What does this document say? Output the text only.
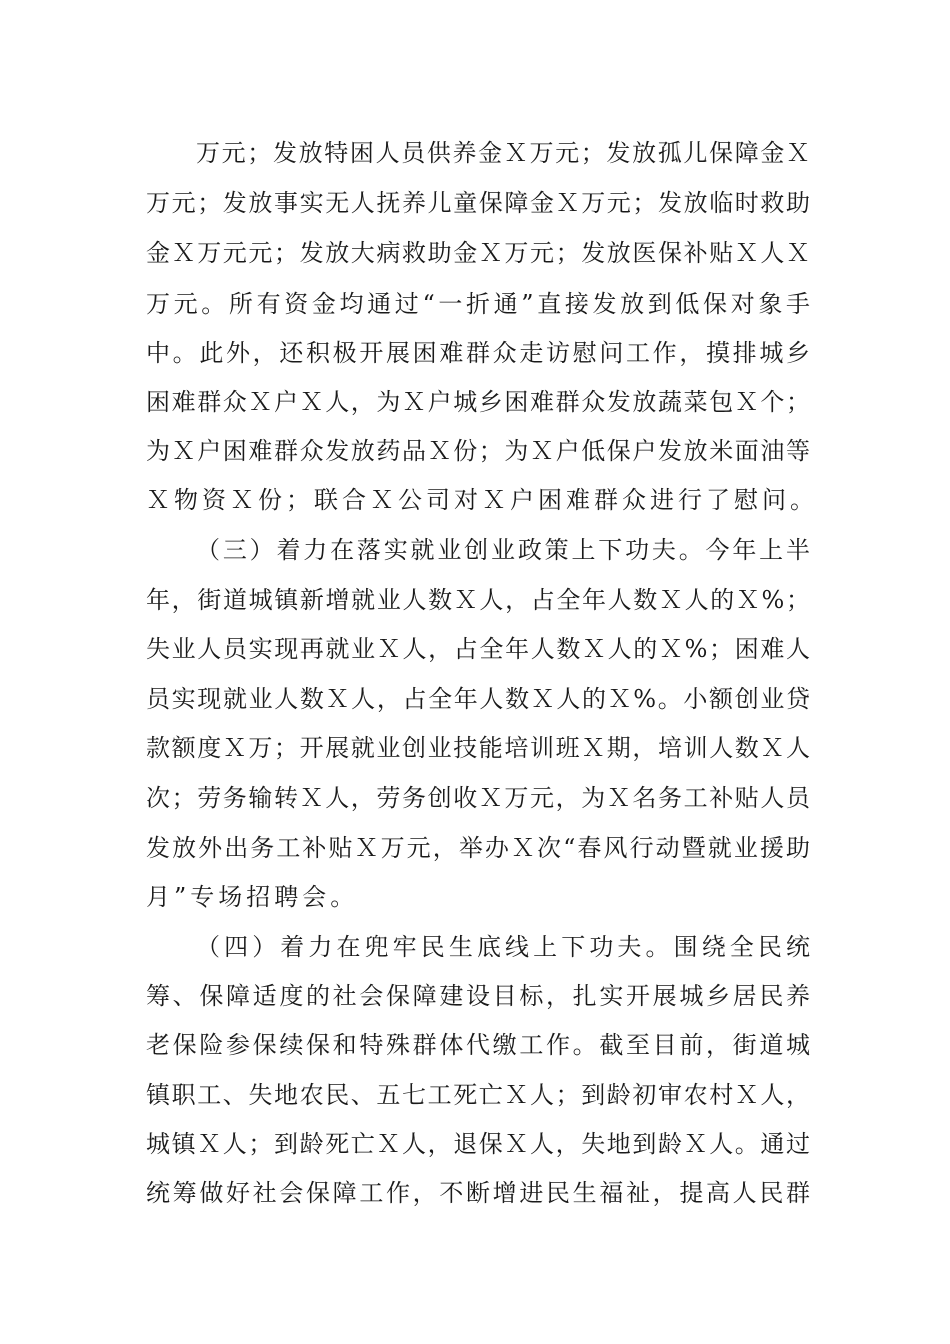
万元；发放特困人员供养金Ｘ万元；发放孤儿保障金Ｘ
万元；发放事实无人抚养儿童保障金Ｘ万元；发放临时救助
金Ｘ万元元；发放大病救助金Ｘ万元；发放医保补贴Ｘ人Ｘ
万元。所有资金均通过“一折通”直接发放到低保对象手
中。此外，还积极开展困难群众走访慰问工作，摸排城乡
困难群众Ｘ户Ｘ人，为Ｘ户城乡困难群众发放蔬菜包Ｘ个；
为Ｘ户困难群众发放药品Ｘ份；为Ｘ户低保户发放米面油等
Ｘ物资Ｘ份；联合Ｘ公司对Ｘ户困难群众进行了慰问。
（三）着力在落实就业创业政策上下功夫。今年上半
年，街道城镇新增就业人数Ｘ人，占全年人数Ｘ人的Ｘ%；
失业人员实现再就业Ｘ人，占全年人数Ｘ人的Ｘ%；困难人
员实现就业人数Ｘ人，占全年人数Ｘ人的Ｘ%。小额创业贷
款额度Ｘ万；开展就业创业技能培训班Ｘ期，培训人数Ｘ人
次；劳务输转Ｘ人，劳务创收Ｘ万元，为Ｘ名务工补贴人员
发放外出务工补贴Ｘ万元，举办Ｘ次“春风行动暨就业援助
月”专场招聘会。
（四）着力在兜牢民生底线上下功夫。围绕全民统
筹、保障适度的社会保障建设目标，扎实开展城乡居民养
老保险参保续保和特殊群体代缴工作。截至目前，街道城
镇职工、失地农民、五七工死亡Ｘ人；到龄初审农村Ｘ人，
城镇Ｘ人；到龄死亡Ｘ人，退保Ｘ人，失地到龄Ｘ人。通过
统筹做好社会保障工作，不断增进民生福祉，提高人民群
